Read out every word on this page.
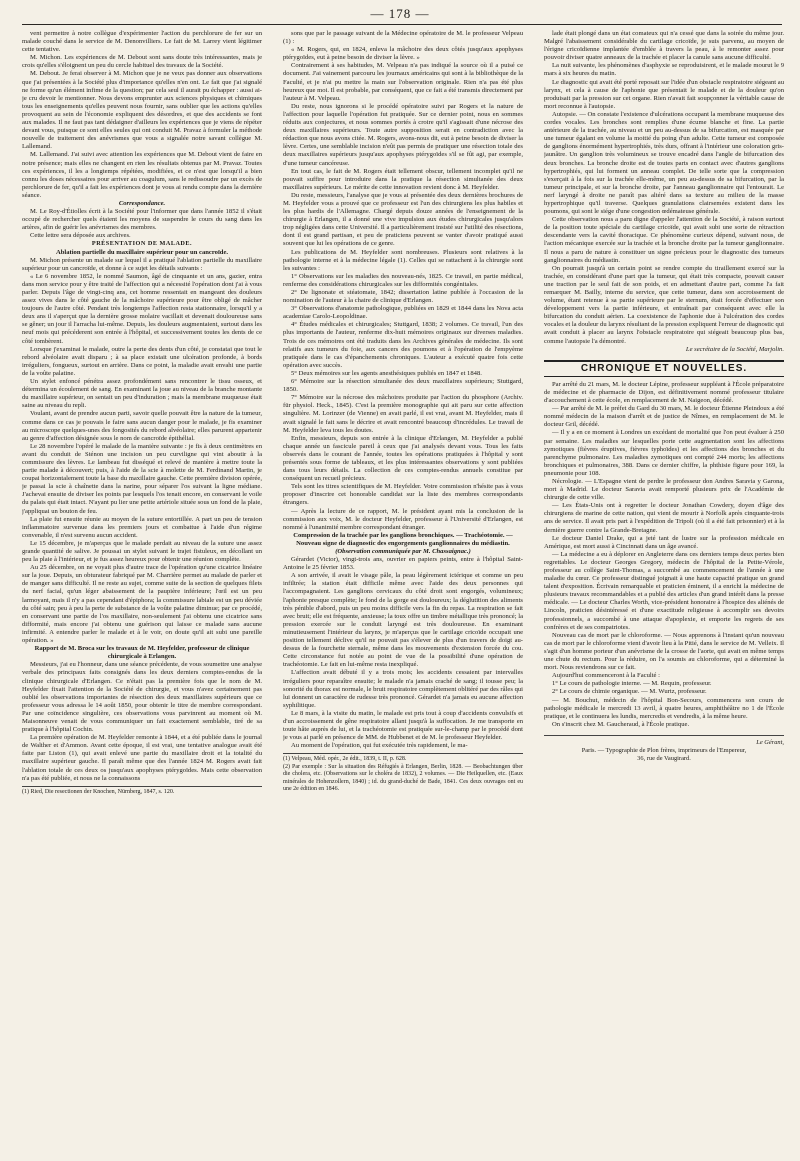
— 178 —

vent permettre à notre collègue d'expérimenter l'action du perchlorure de fer sur un malade couché dans le service de M. Denonvilliers. Le fait de M. Larrey vient légitimer cette tentative.

M. Michon. Les expériences de M. Debout sont sans doute très intéressantes, mais je crois qu'elles s'éloignent un peu du cercle habituel des travaux de la Société.

M. Debout. Je ferai observer à M. Michon que je ne veux pas donner aux observations que j'ai présentées à la Société plus d'importance qu'elles n'en ont. Le fait que j'ai signalé ne forme qu'un élément infime de la question; par cela seul il aurait pu échapper : aussi ai-je cru devoir le mentionner. Nous devons emprunter aux sciences physiques et chimiques tous les enseignements qu'elles peuvent nous fournir, sans oublier que les actions qu'elles provoquent au sein de l'économie expliquent des désordres, et que des accidents se font aux malades. Il ne faut pas tant dédaigner d'ailleurs les expériences que je viens de répéter devant vous, puisque ce sont elles seules qui ont conduit M. Pravaz à formuler la méthode nouvelle de traitement des anévrismes que vous a signalée notre savant collègue M. Lallemand.

M. Lallemand. J'ai suivi avec attention les expériences que M. Debout vient de faire en notre présence; mais elles ne changent en rien les résultats obtenus par M. Pravaz. Toutes ces expériences, il les a longtemps répétées, modifiées, et ce n'est que lorsqu'il a bien connu les doses nécessaires pour arriver au coagulum, sans le redissoudre par un excès de perchlorure de fer, qu'il a fait les expériences dont je vous ai rendu compte dans la dernière séance.

Correspondance.

M. Le Roy-d'Étiolles écrit à la Société pour l'informer que dans l'année 1852 il s'était occupé de rechercher quels étaient les moyens de suspendre le cours du sang dans les artères, afin de guérir les anévrismes des membres.

Cette lettre sera déposée aux archives.

PRÉSENTATION DE MALADE.

Ablation partielle du maxillaire supérieur pour un cancroïde.

M. Michon présente un malade sur lequel il a pratiqué l'ablation partielle du maxillaire supérieur pour un cancroïde, et donne à ce sujet les détails suivants :

« Le 6 novembre 1852, le nommé Saumon, âgé de cinquante et un ans, gazier, entra dans mon service pour y être traité de l'affection qui a nécessité l'opération dont j'ai à vous parler. Depuis l'âge de vingt-cinq ans, cet homme ressentait en mangeant des douleurs assez vives dans le côté gauche de la mâchoire supérieure pour être obligé de mâcher toujours de l'autre côté. Pendant très longtemps l'affection resta stationnaire, lorsqu'il y a deux ans il s'aperçut que la dernière grosse molaire vacillait et devenait douloureuse sans se gêner; un jour il l'arracha lui-même. Depuis, les douleurs augmentaient, surtout dans les neuf mois qui précéderent son entrée à l'hôpital, et successivement toutes les dents de ce côté tombèrent.

Lorsque j'examinai le malade, outre la perte des dents d'un côté, je constatai que tout le rebord alvéolaire avait disparu ; à sa place existait une ulcération profonde, à bords irréguliers, fongueux, surtout en arrière. Dans ce point, la maladie avait envahi une partie de la voûte palatine.

Un stylet enfoncé pénétra assez profondément sans rencontrer le tissu osseux, et détermina un écoulement de sang. En examinant la joue au niveau de la branche montante du maxillaire supérieur, on sentait un peu d'induration ; mais la membrane muqueuse était saine au niveau du repli.

Voulant, avant de prendre aucun parti, savoir quelle pouvait être la nature de la tumeur, comme dans ce cas je pouvais le faire sans aucun danger pour le malade, je fis examiner au microscope quelques-unes des fongosités du rebord alvéolaire; elles parurent appartenir au genre d'affection désignée sous le nom de cancroïde épithélial.

Le 28 novembre l'opéré le malade de la manière suivante : je fis à deux centimètres en avant du conduit de Sténon une incision un peu curviligne qui vint aboutir à la commissure des lèvres. Le lambeau fut disséqué et relevé de manière à mettre toute la partie malade à découvert; puis, à l'aide de la scie à molette de M. Ferdinand Martin, je coupai horizontalement toute la base du maxillaire gauche. Cette première division opérée, je passai la scie à chaînette dans la narine, pour séparer l'os suivant la ligne médiane. J'achevai ensuite de diviser les points par lesquels l'os tenait encore, en conservant le voile du palais qui était intact. N'ayant pu lier une petite artériole située sous un fond de la plaie, j'appliquai un bouton de feu.

La plaie fut ensuite réunie au moyen de la suture entortillée. A part un peu de tension inflammatoire survenue dans les premiers jours et combattue à l'aide d'un régime convenable, il n'est survenu aucun accident.

Le 15 décembre, je m'aperçus que le malade perdait au niveau de la suture une assez grande quantité de salive. Je poussai un stylet suivant le trajet fistuleux, en décollant un peu la plaie à l'intérieur, et je fus assez heureux pour obtenir une réunion complète.

Au 25 décembre, on ne voyait plus d'autre trace de l'opération qu'une cicatrice linéaire sur la joue. Depuis, un obturateur fabriqué par M. Charrière permet au malade de parler et de manger sans difficulté. Il ne reste au sujet, comme suite de la section de quelques filets du nerf facial, qu'un léger abaissement de la paupière inférieure; l'œil est un peu larmoyant, mais il n'y a pas cependant d'épiphora; la commissure labiale est un peu déviée du côté sain; peu à peu la perte de substance de la voûte palatine diminue; par ce procédé, en conservant une partie de l'os maxillaire, non-seulement j'ai obtenu une cicatrice sans difformité, mais encore j'ai obtenu une guérison qui laisse ce malade sans aucune infirmité. A entendre parler le malade et à le voir, on doute qu'il ait subi une pareille opération. »

Rapport de M. Broca sur les travaux de M. Heyfelder, professeur de clinique chirurgicale à Erlangen.

Messieurs, j'ai eu l'honneur, dans une séance précédente, de vous soumettre une analyse verbale des principaux faits consignés dans les deux derniers comptes-rendus de la clinique chirurgicale d'Erlangen. Ce n'était pas la première fois que le nom de M. Heyfelder fixait l'attention de la Société de chirurgie, et vous n'avez certainement pas oublié les observations importantes de résection des deux maxillaires supérieurs que ce professeur vous adressa le 14 août 1850, pour obtenir le titre de membre correspondant. Par une coïncidence singulière, ces observations vous parvinrent au moment où M. Maisonneuve venait de vous communiquer un fait exactement semblable, tiré de sa pratique à l'hôpital Cochin.

La première opération de M. Heyfelder remonte à 1844, et a été publiée dans le journal de Walther et d'Ammon. Avant cette époque, il est vrai, une tentative analogue avait été faite par Liston (1), qui avait enlevé une partie du maxillaire droit et la totalité du maxillaire supérieur gauche. Il paraît même que des l'année 1824 M. Rogers avait fait l'ablation totale de ces deux os jusqu'aux apophyses ptérygoïdes. Mais cette observation n'a pas été publiée, et nous ne la connaissons

(1) Ried, Die resectionen der Knochen, Nürnberg, 1847, s. 120.

sons que par le passage suivant de la Médecine opératoire de M. le professeur Velpeau (1) :

« M. Rogers, qui, en 1824, enleva la mâchoire des deux côtés jusqu'aux apophyses ptérygoïdes, eut à peine besoin de diviser la lèvre. »

Contrairement à ses habitudes, M. Velpeau n'a pas indiqué la source où il a puisé ce document. J'ai vainement parcouru les journaux américains qui sont à la bibliothèque de la Faculté, et je n'ai pu mettre la main sur l'observation originale. Rien n'a pas été plus heureux que moi. Il est probable, par conséquent, que ce fait a été transmis directement par l'auteur à M. Velpeau.

Du reste, nous ignorons si le procédé opératoire suivi par Rogers et la nature de l'affection pour laquelle l'opération fut pratiquée. Sur ce dernier point, nous en sommes réduits aux conjectures, et nous sommes portés à croire qu'il s'agissait d'une nécrose des deux maxillaires supérieurs. Toute autre supposition serait en contradiction avec la rédaction que nous avons citée. M. Rogers, avons-nous dit, eut à peine besoin de diviser la lèvre. Certes, une semblable incision n'eût pas permis de pratiquer une résection totale des deux maxillaires supérieurs jusqu'aux apophyses ptérygoïdes s'il se fût agi, par exemple, d'une tumeur cancéreuse.

En tout cas, le fait de M. Rogers était tellement obscur, tellement incomplet qu'il ne pouvait suffire pour introduire dans la pratique la résection simultanée des deux maxillaires supérieurs. Le mérite de cette innovation revient donc à M. Heyfelder.

Du reste, messieurs, l'analyse que je vous ai présentée des deux dernières brochures de M. Heyfelder vous a prouvé que ce professeur est l'un des chirurgiens les plus habiles et les plus hardis de l'Allemagne. Chargé depuis douze années de l'enseignement de la chirurgie à Erlangen, il a donné une vive impulsion aux études chirurgicales jusqu'alors trop négligées dans cette Université. Il a particulièrement insisté sur l'utilité des résections, dont il est grand partisan, et peu de praticiens peuvent se vanter d'avoir pratiqué aussi souvent que lui les opérations de ce genre.

Les publications de M. Heyfelder sont nombreuses. Plusieurs sont relatives à la pathologie interne et à la médecine légale (1). Celles qui se rattachent à la chirurgie sont les suivantes :

1° Observations sur les maladies des nouveau-nés, 1825. Ce travail, en partie médical, renferme des considérations chirurgicales sur les difformités congénitales.

2° De lignonate et stéatomate, 1842; dissertation latine publiée à l'occasion de la nomination de l'auteur à la chaire de clinique d'Erlangen.

3° Observations d'anatomie pathologique, publiées en 1829 et 1844 dans les Nova acta academiae Carolo-Leopoldinae.

4° Études médicales et chirurgicales; Stuttgard, 1838; 2 volumes. Ce travail, l'un des plus importants de l'auteur, renferme dix-huit mémoires originaux sur diverses maladies. Trois de ces mémoires ont été traduits dans les Archives générales de médecine. Ils sont relatifs aux tumeurs du foie, aux cancers des poumons et à l'opération de l'empyème pratiquée dans le cas d'épanchements chroniques. L'auteur a exécuté quatre fois cette opération avec succès.

5° Deux mémoires sur les agents anesthésiques publiés en 1847 et 1848.

6° Mémoire sur la résection simultanée des deux maxillaires supérieurs; Stuttgard, 1850.

7° Mémoire sur la nécrose des mâchoires produite par l'action du phosphore (Archiv. für physiol. Heck., 1845). C'est la première monographie qui ait paru sur cette affection singulière. M. Lorinzer (de Vienne) en avait parlé, il est vrai, avant M. Heyfelder, mais il avait signalé le fait sans le décrire et avait rencontré beaucoup d'incrédules. Le travail de M. Heyfelder leva tous les doutes.

Enfin, messieurs, depuis son entrée à la clinique d'Erlangen, M. Heyfelder a publié chaque année un fascicule pareil à ceux que j'ai analysés devant vous. Tous les faits observés dans le courant de l'année, toutes les opérations pratiquées à l'hôpital y sont présentés sous forme de tableaux, et les plus intéressantes observations y sont publiées dans tous leurs détails. La collection de ces comptes-rendus annuels constitue par conséquent un recueil précieux.

Tels sont les titres scientifiques de M. Heyfelder. Votre commission n'hésite pas à vous proposer d'inscrire cet honorable candidat sur la liste des membres correspondants étrangers.

— Après la lecture de ce rapport, M. le président ayant mis la conclusion de la commission aux voix, M. le docteur Heyfelder, professeur à l'Université d'Erlangen, est nommé à l'unanimité membre correspondant étranger.

Compression de la trachée par les ganglions bronchiques. — Trachéotomie. — Nouveau signe de diagnostic des engorgements ganglionnaires du médiastin.

(Observation communiquée par M. Chassaignac.)

Gérardet (Victor), vingt-trois ans, ouvrier en papiers peints, entre à l'hôpital Saint-Antoine le 25 février 1853.

A son arrivée, il avait le visage pâle, la peau légèrement ictérique et comme un peu infiltrée; la station était difficile même avec l'aide des deux personnes qui l'accompagnaient. Les ganglions cervicaux du côté droit sont engorgés, volumineux; l'aphonie presque complète; le fond de la gorge est douloureux; la déglutition des aliments très pénible d'abord, puis un peu moins difficile vers la fin du repas. La respiration se fait avec bruit; elle est fréquente, anxieuse; la toux offre un timbre métallique très prononcé; la pression exercée sur le conduit laryngé est très douloureuse. En examinant minutieusement l'intérieur du larynx, je m'aperçus que le cartilage cricoïde occupait une position tellement déclive qu'il ne pouvait pas s'élever de plus d'un travers de doigt au-dessus de la fourchette sternale, même dans les mouvements d'extension forcée du cou. Cette circonstance fut notée au point de vue de la possibilité d'une opération de trachéotomie. Le fait en lui-même resta inexpliqué.

L'affection avait débuté il y a trois mois; les accidents cessaient par intervalles irréguliers pour reparaître ensuite; le malade n'a jamais craché de sang; il tousse peu; la sonorité du thorax est normale, le bruit respiratoire complètement oblitéré par des râles qui lui donnent un caractère de rudesse très prononcé. Gérardet n'a jamais eu aucune affection syphilitique.

Le 8 mars, à la visite du matin, le malade est pris tout à coup d'accidents convulsifs et d'un accroissement de gêne respiratoire allant jusqu'à la suffocation. Je me transporte en toute hâte auprès de lui, et la trachéotomie est pratiquée sur-le-champ par le procédé dont je vous ai parlé en présence de MM. de Hubbenet et de M. le professeur Heyfelder.

Au moment de l'opération, qui fut exécutée très rapidement, le ma-

(1) Velpeau, Méd. opér., 2e édit., 1839, t. II, p. 628.

(2) Par exemple : Sur la situation des Réfugiés à Erlangen, Berlin, 1828. — Beobachtungen über die cholera, etc. (Observations sur le choléra de 1832), 2 volumes. — Die Heilquellen, etc. (Eaux minérales de Hohenzollern, 1840) ; id. du grand-duché de Bade, 1841. Ces deux ouvrages ont eu une 2e édition en 1846.

lade était plongé dans un état comateux qui n'a cessé que dans la soirée du même jour. Malgré l'abaissement considérable du cartilage cricoïde, je suis parvenu, au moyen de l'érigne cricoïdienne implantée d'emblée à travers la peau, à le remonter assez pour pouvoir diviser quatre anneaux de la trachée et placer la canule sans aucune difficulté.

La nuit suivante, les phénomènes d'asphyxie se reproduisirent, et le malade mourut le 9 mars à six heures du matin.

Le diagnostic qui avait été porté reposait sur l'idée d'un obstacle respiratoire siégeant au larynx, et cela à cause de l'aphonie que présentait le malade et de la douleur qu'on produisait par la pression sur cet organe. Rien n'avait fait soupçonner la véritable cause de mort reconnue à l'autopsie.

Autopsie. — On constate l'existence d'ulcérations occupant la membrane muqueuse des cordes vocales. Les bronches sont remplies d'une écume blanche et fine. La partie antérieure de la trachée, au niveau et un peu au-dessus de sa bifurcation, est masquée par une tumeur égalant en volume la moitié du poing d'un adulte. Cette tumeur est composée de ganglions énormément hypertrophiés, très durs, offrant à l'intérieur une coloration gris-jaunâtre. Un ganglion très volumineux se trouve encadré dans l'angle de bifurcation des deux bronches. La bronche droite est de toutes parts en contact avec d'autres ganglions hypertrophiés, qui lui forment un anneau complet. De telle sorte que la compression s'exerçait à la fois sur la trachée elle-même, un peu au-dessus de sa bifurcation, par la tumeur principale, et sur la bronche droite, par l'anneau ganglionnaire qui l'entourait. Le nerf laryngé à droite ne paraît pas altéré dans sa texture au milieu de la masse hypertrophique qu'il traverse. Quelques granulations clairsemées existent dans les poumons, qui sont le siége d'une congestion œdémateuse générale.

Cette observation nous a paru digne d'appeler l'attention de la Société, à raison surtout de la position toute spéciale du cartilage cricoïde, qui avait subi une sorte de rétraction descendante vers la cavité thoracique. Ce phénomène curieux dépend, suivant nous, de l'action mécanique exercée sur la trachée et la bronche droite par la tumeur ganglionnaire. Il nous a paru de nature à constituer un signe précieux pour le diagnostic des tumeurs ganglionnaires du médiastin.

On pourrait jusqu'à un certain point se rendre compte du tiraillement exercé sur la trachée, en considérant d'une part que la tumeur, qui était très compacte, pouvait causer une traction par le seul fait de son poids, et en admettant d'autre part, comme l'a fait remarquer M. Bailly, interne du service, que cette tumeur, dans son accroissement de volume, étant retenue à sa partie supérieure par le sternum, était forcée d'effectuer son développement vers la partie inférieure, et entraînait par conséquent avec elle la bifurcation du conduit aérien. La coexistence de l'aphonie due à l'ulcération des cordes vocales et la douleur du larynx résultant de la pression expliquent l'erreur de diagnostic qui avait conduit à placer au larynx l'obstacle respiratoire qui siégeait beaucoup plus bas, comme l'autopsie l'a démontré.

Le secrétaire de la Société, Marjolin.

CHRONIQUE ET NOUVELLES.

Par arrêté du 21 mars, M. le docteur Lépine, professeur suppléant à l'École préparatoire de médecine et de pharmacie de Dijon, est définitivement nommé professeur titulaire d'accouchement à cette école, en remplacement de M. Naigeon, décédé.

— Par arrêté de M. le préfet du Gard du 30 mars, M. le docteur Étienne Pleindoux a été nommé médecin de la maison d'arrêt et de justice de Nîmes, en remplacement de M. le docteur Gril, décédé.

— Il y a en ce moment à Londres un excédant de mortalité que l'on peut évaluer à 250 par semaine. Les maladies sur lesquelles porte cette augmentation sont les affections zymotiques (fièvres éruptives, fièvres typhoïdes) et les affections des bronches et du parenchyme pulmonaire. Les maladies zymotiques ont compté 244 morts; les affections bronchiques et pulmonaires, 388. Dans ce dernier chiffre, la phthisie figure pour 169, la pneumonie pour 108.

Nécrologie. — L'Espagne vient de perdre le professeur don Andres Saravia y Garona, mort à Madrid. Le docteur Saravia avait remporté plusieurs prix de l'Académie de chirurgie de cette ville.

— Les États-Unis ont à regretter le docteur Jonathan Cowdery, doyen d'âge des chirurgiens de marine de cette nation, qui vient de mourir à Norfolk après cinquante-trois ans de service. Il avait pris part à l'expédition de Tripoli (où il a été fait prisonnier) et à la dernière guerre contre la Grande-Bretagne.

Le docteur Daniel Drake, qui a jeté tant de lustre sur la profession médicale en Amérique, est mort aussi à Cincinnati dans un âge avancé.

— La médecine a eu à déplorer en Angleterre dans ces derniers temps deux pertes bien regrettables. Le docteur Georges Gregory, médecin de l'hôpital de la Petite-Vérole, professeur au collège Saint-Thomas, a succombé au commencement de l'année à une maladie du cœur. Ce professeur distingué joignait à une haute capacité pratique un grand talent d'exposition. Écrivain remarquable et praticien éminent, il a enrichi la médecine de plusieurs travaux recommandables et a publié des articles d'un grand intérêt dans la presse médicale. — Le docteur Charles Worth, vice-président honoraire à l'hospice des aliénés de Lincoln, praticien désintéressé et d'une exactitude religieuse à accomplir ses devoirs professionnels, a succombé à une attaque d'apoplexie, et emporte les regrets de ses confrères et de ses compatriotes.

Nouveau cas de mort par le chloroforme. — Nous apprenons à l'instant qu'un nouveau cas de mort par le chloroforme vient d'avoir lieu à la Pitié, dans le service de M. Velleix. Il s'agit d'un homme porteur d'un anévrisme de la crosse de l'aorte, qui avait en même temps une chute du rectum. Pour la réduire, on l'a soumis au chloroforme, qui a déterminé la mort. Nous reviendrons sur ce fait.

Aujourd'hui commenceront à la Faculté :

1° Le cours de pathologie interne. — M. Requin, professeur.

2° Le cours de chimie organique. — M. Wurtz, professeur.

— M. Bouchut, médecin de l'hôpital Bon-Secours, commencera son cours de pathologie médicale le mercredi 13 avril, à quatre heures, amphithéâtre no 1 de l'École pratique, et le continuera les lundis, mercredis et vendredis, à la même heure.

On s'inscrit chez M. Gaucheraud, à l'École pratique.

Le Gérant,
Paris. — Typographie de Plon frères, imprimeurs de l'Empereur,
36, rue de Vaugirard.
